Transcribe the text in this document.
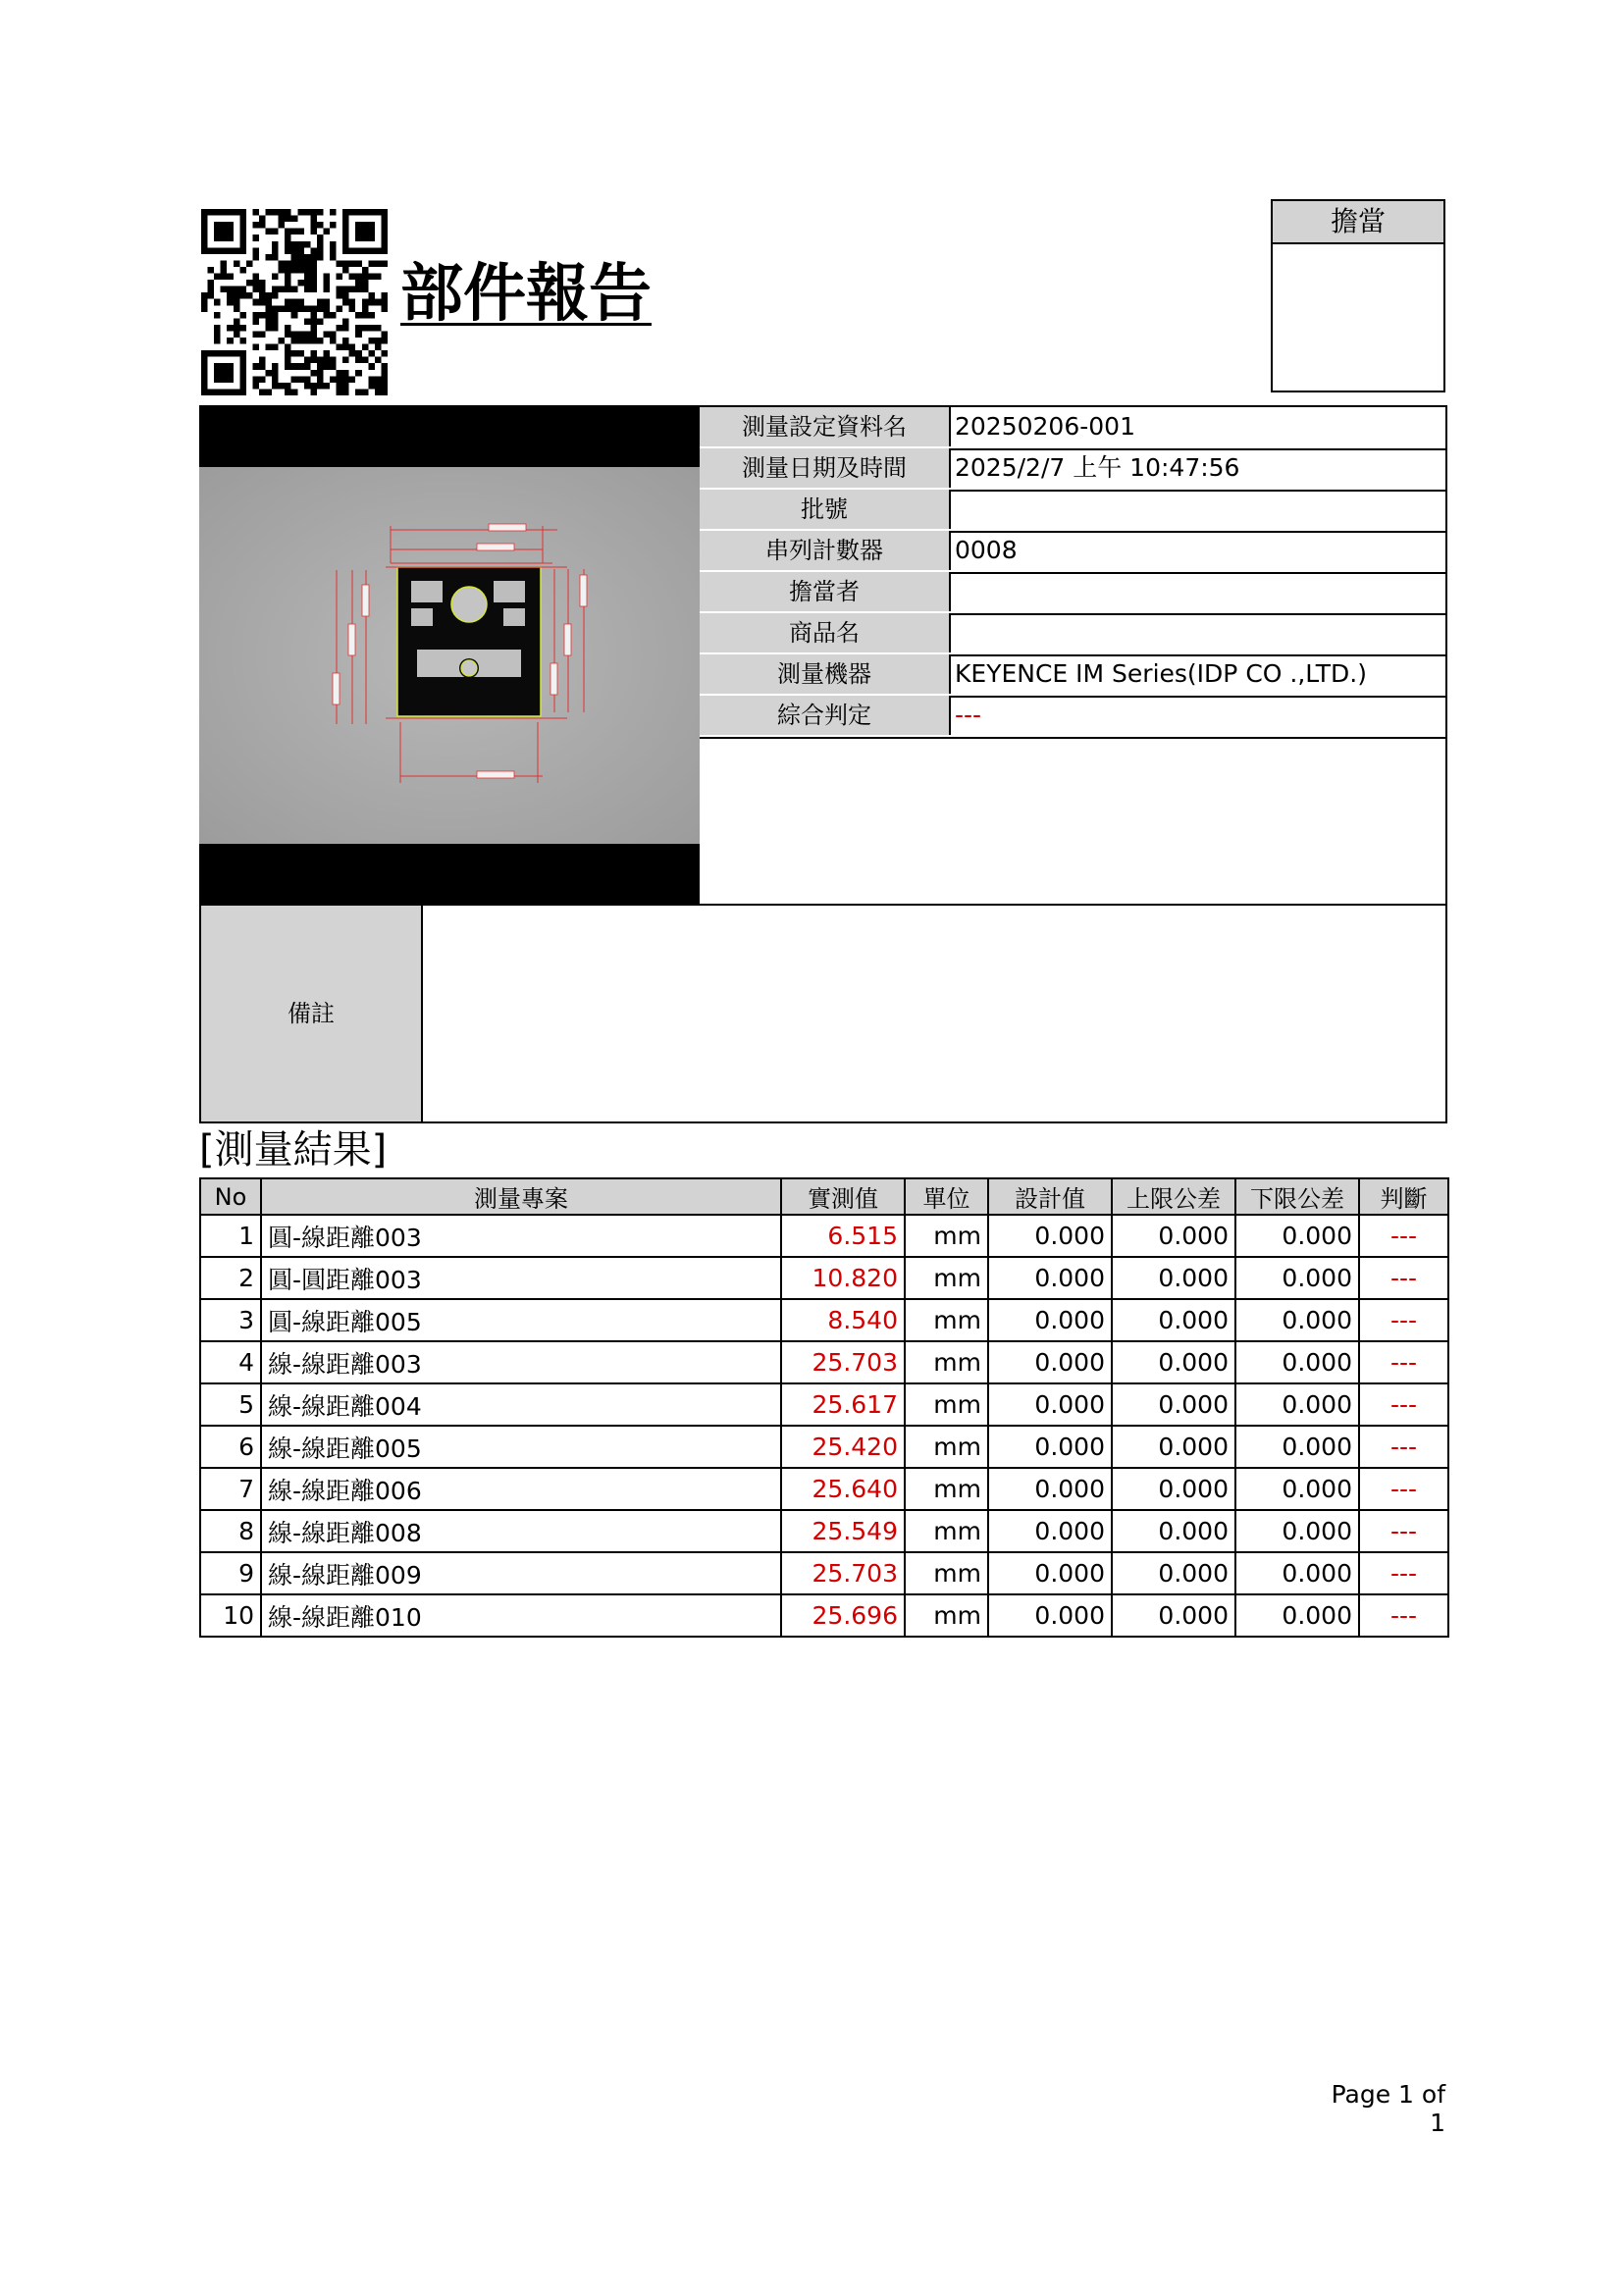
部件報告
擔當
測量設定資料名	20250206-001
測量日期及時間	2025/2/7 上午 10:47:56
批號
串列計數器	0008
擔當者
商品名
測量機器	KEYENCE IM Series(IDP CO .,LTD.)
綜合判定	---
備註
[測量結果]
No	測量專案	實測值	單位	設計值	上限公差	下限公差	判斷
1	圓-線距離003	6.515	mm	0.000	0.000	0.000	---
2	圓-圓距離003	10.820	mm	0.000	0.000	0.000	---
3	圓-線距離005	8.540	mm	0.000	0.000	0.000	---
4	線-線距離003	25.703	mm	0.000	0.000	0.000	---
5	線-線距離004	25.617	mm	0.000	0.000	0.000	---
6	線-線距離005	25.420	mm	0.000	0.000	0.000	---
7	線-線距離006	25.640	mm	0.000	0.000	0.000	---
8	線-線距離008	25.549	mm	0.000	0.000	0.000	---
9	線-線距離009	25.703	mm	0.000	0.000	0.000	---
10	線-線距離010	25.696	mm	0.000	0.000	0.000	---
Page 1 of 1
